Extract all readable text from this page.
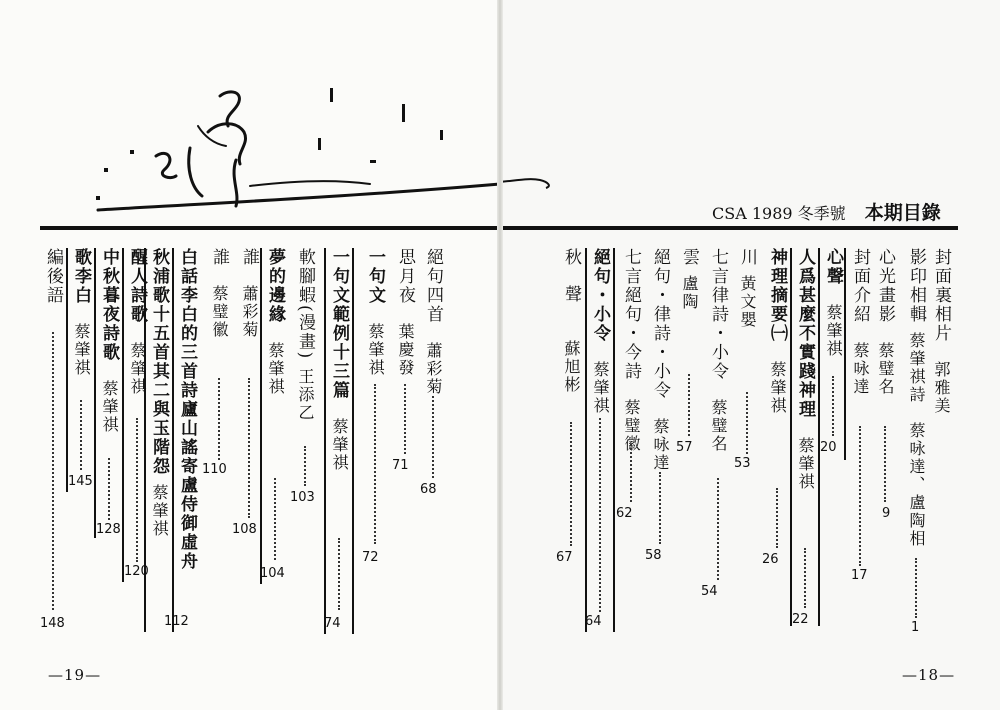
—19—
CSA 1989 冬季號 本期目錄
—18—
封面裏相片
郭雅美
影印相輯
蔡肇祺詩　蔡咏達、盧陶相
1
心光畫影
蔡璧名
9
封面介紹
蔡咏達
17
心聲
蔡肇祺
20
人爲甚麼不實踐神理
蔡肇祺
22
神理摘要㈠
蔡肇祺
26
川
黃文嬰
53
七言律詩・小令
蔡璧名
54
雲
盧陶
57
絕句・律詩・小令
蔡咏達
58
七言絕句・今詩
蔡璧徽
62
絕句・小令
蔡肇祺
64
秋聲
蘇旭彬
67
絕句四首
蕭彩菊
68
思月夜
葉慶發
71
一句文
蔡肇祺
72
一句文範例十三篇
蔡肇祺
74
軟腳蝦(漫畫)
王添乙
103
夢的邊緣
蔡肇祺
104
誰
蕭彩菊
108
誰
蔡璧徽
110
白話李白的三首詩廬山謠寄盧侍御虛舟
秋浦歌十五首其二與玉階怨
蔡肇祺
112
醒人詩歌
蔡肇祺
120
中秋暮夜詩歌
蔡肇祺
128
歌李白
蔡肇祺
145
編後語
148
